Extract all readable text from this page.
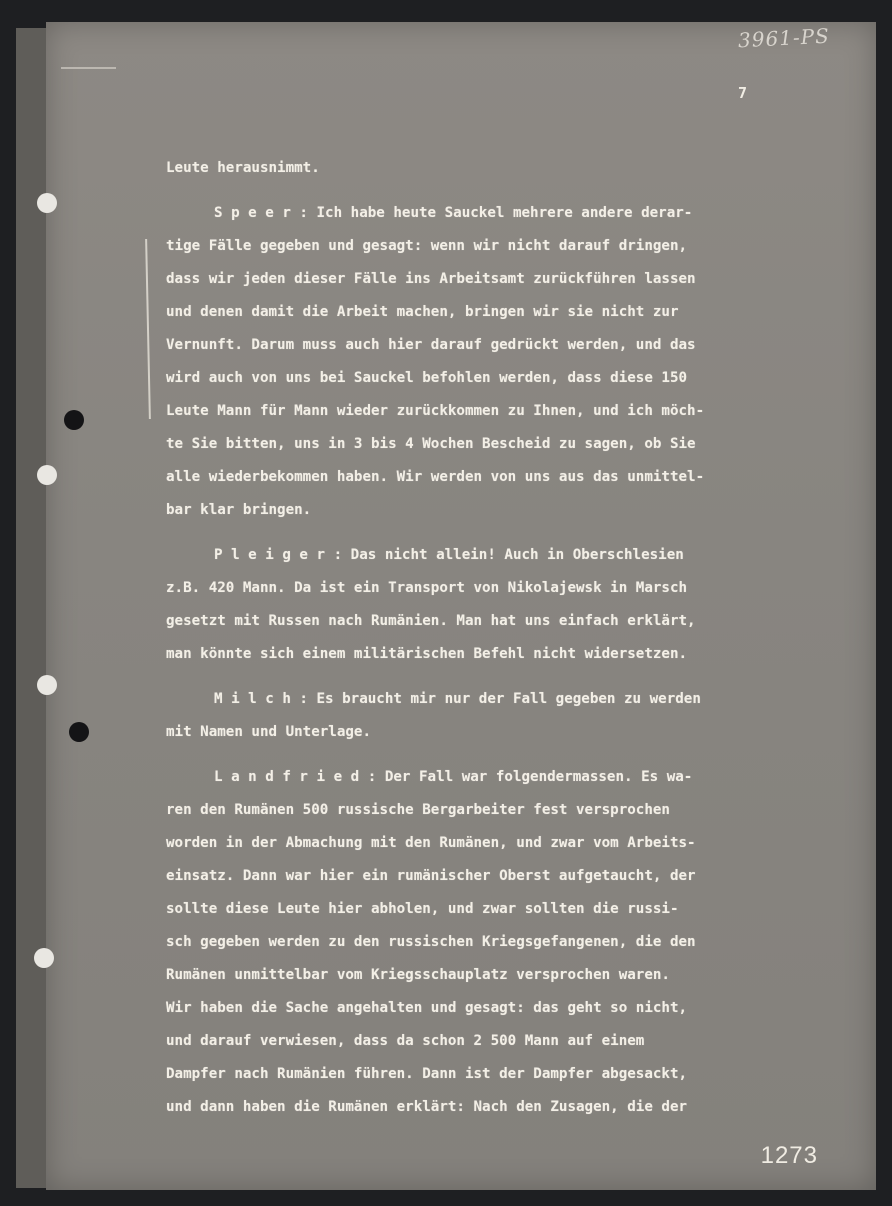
3961-PS
7
Leute herausnimmt.
S p e e r : Ich habe heute Sauckel mehrere andere derar-
tige Fälle gegeben und gesagt: wenn wir nicht darauf dringen,
dass wir jeden dieser Fälle ins Arbeitsamt zurückführen lassen
und denen damit die Arbeit machen, bringen wir sie nicht zur
Vernunft. Darum muss auch hier darauf gedrückt werden, und das
wird auch von uns bei Sauckel befohlen werden, dass diese 150
Leute Mann für Mann wieder zurückkommen zu Ihnen, und ich möch-
te Sie bitten, uns in 3 bis 4 Wochen Bescheid zu sagen, ob Sie
alle wiederbekommen haben. Wir werden von uns aus das unmittel-
bar klar bringen.
P l e i g e r : Das nicht allein! Auch in Oberschlesien
z.B. 420 Mann. Da ist ein Transport von Nikolajewsk in Marsch
gesetzt mit Russen nach Rumänien. Man hat uns einfach erklärt,
man könnte sich einem militärischen Befehl nicht widersetzen.
M i l c h : Es braucht mir nur der Fall gegeben zu werden
mit Namen und Unterlage.
L a n d f r i e d : Der Fall war folgendermassen. Es wa-
ren den Rumänen 500 russische Bergarbeiter fest versprochen
worden in der Abmachung mit den Rumänen, und zwar vom Arbeits-
einsatz. Dann war hier ein rumänischer Oberst aufgetaucht, der
sollte diese Leute hier abholen, und zwar sollten die russi-
sch gegeben werden zu den russischen Kriegsgefangenen, die den
Rumänen unmittelbar vom Kriegsschauplatz versprochen waren.
Wir haben die Sache angehalten und gesagt: das geht so nicht,
und darauf verwiesen, dass da schon 2 500 Mann auf einem
Dampfer nach Rumänien führen. Dann ist der Dampfer abgesackt,
und dann haben die Rumänen erklärt: Nach den Zusagen, die der
1273
